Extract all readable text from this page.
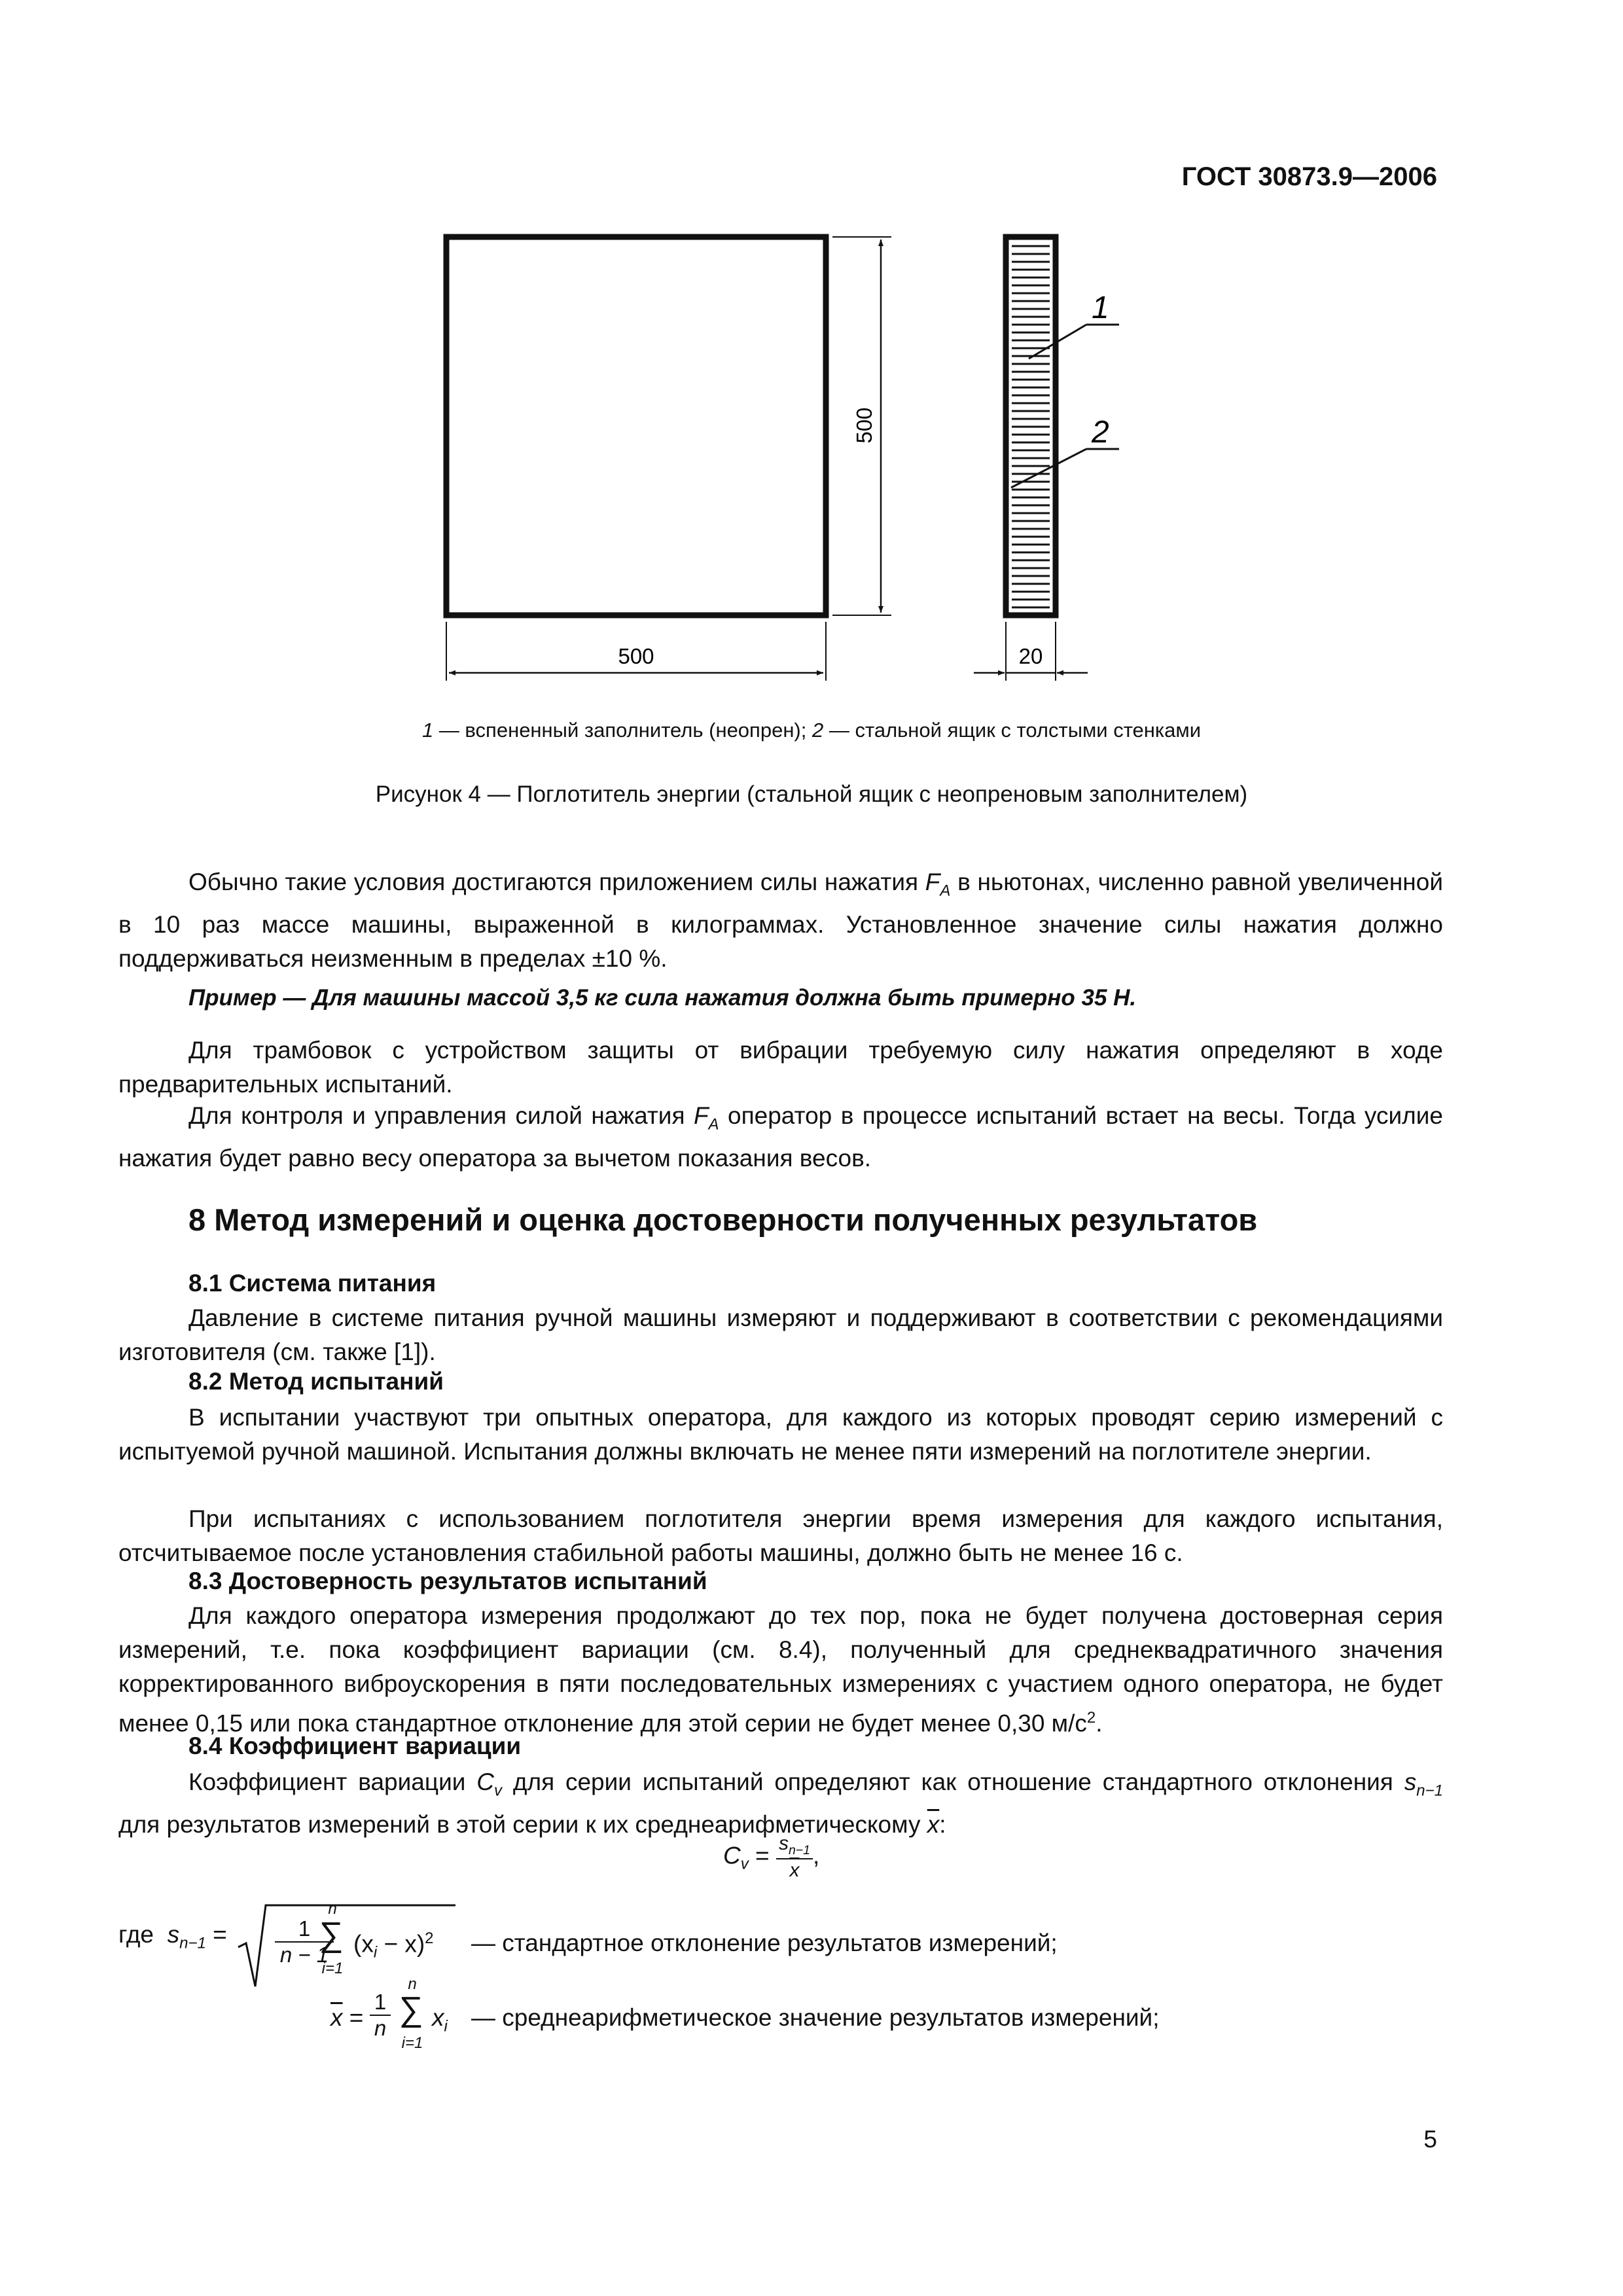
ГОСТ 30873.9—2006
500
500
1
2
20
1 — вспененный заполнитель (неопрен); 2 — стальной ящик с толстыми стенками
Рисунок 4 — Поглотитель энергии (стальной ящик с неопреновым заполнителем)
Обычно такие условия достигаются приложением силы нажатия $F_A$ в ньютонах, численно равной увеличенной в 10 раз массе машины, выраженной в килограммах. Установленное значение силы нажатия должно поддерживаться неизменным в пределах ±10 %.
Пример — Для машины массой 3,5 кг сила нажатия должна быть примерно 35 Н.
Для трамбовок с устройством защиты от вибрации требуемую силу нажатия определяют в ходе предварительных испытаний.
Для контроля и управления силой нажатия $F_A$ оператор в процессе испытаний встает на весы. Тогда усилие нажатия будет равно весу оператора за вычетом показания весов.
8 Метод измерений и оценка достоверности полученных результатов
8.1 Система питания
Давление в системе питания ручной машины измеряют и поддерживают в соответствии с рекомендациями изготовителя (см. также [1]).
8.2 Метод испытаний
В испытании участвуют три опытных оператора, для каждого из которых проводят серию измерений с испытуемой ручной машиной. Испытания должны включать не менее пяти измерений на поглотителе энергии.
При испытаниях с использованием поглотителя энергии время измерения для каждого испытания, отсчитываемое после установления стабильной работы машины, должно быть не менее 16 с.
8.3 Достоверность результатов испытаний
Для каждого оператора измерения продолжают до тех пор, пока не будет получена достоверная серия измерений, т.е. пока коэффициент вариации (см. 8.4), полученный для среднеквадратичного значения корректированного виброускорения в пяти последовательных измерениях с участием одного оператора, не будет менее 0,15 или пока стандартное отклонение для этой серии не будет менее 0,30 $м/с^2$.
8.4 Коэффициент вариации
Коэффициент вариации $C_v$ для серии испытаний определяют как отношение стандартного отклонения $s_{n-1}$ для результатов измерений в этой серии к их среднеарифметическому $\overline{x}$:
$C_v = \frac{s_{n-1}}{x}$ ,
где $s_{n-1}$ =	1
n − 1
n
∑
i=1
$(x_i - x)^2$ — стандартное отклонение результатов измерений;
$\overline{x}$ =
1
n
n
∑
i=1
$x_i$ — среднеарифметическое значение результатов измерений;
5
